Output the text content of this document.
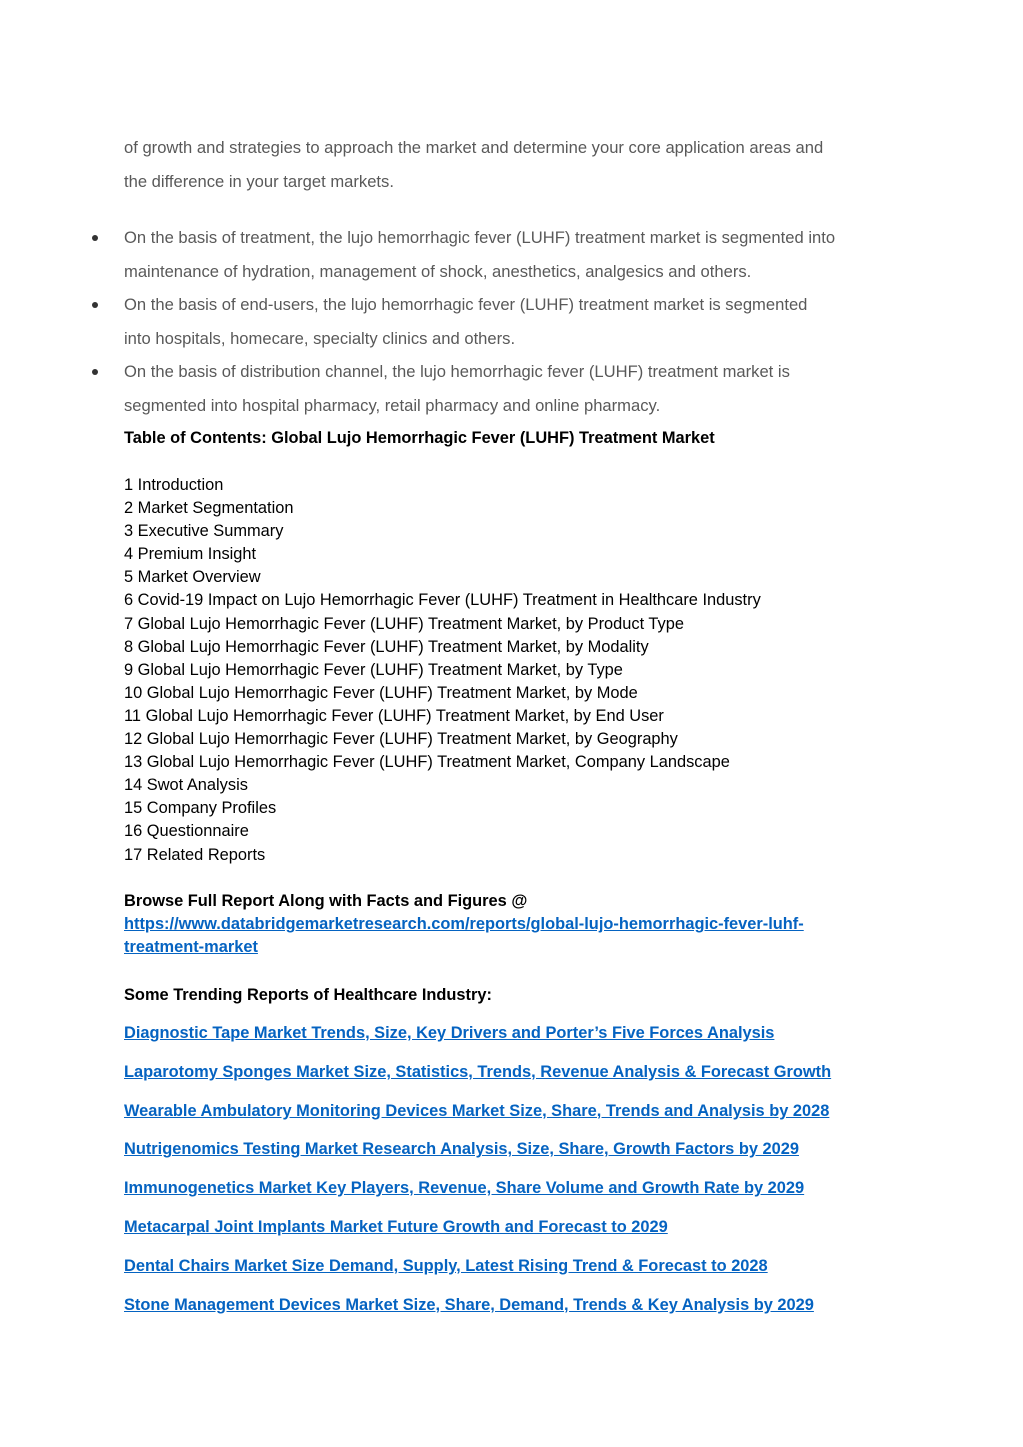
of growth and strategies to approach the market and determine your core application areas and

the difference in your target markets.

On the basis of treatment, the lujo hemorrhagic fever (LUHF) treatment market is segmented into
maintenance of hydration, management of shock, anesthetics, analgesics and others.
On the basis of end-users, the lujo hemorrhagic fever (LUHF) treatment market is segmented
into hospitals, homecare, specialty clinics and others.
On the basis of distribution channel, the lujo hemorrhagic fever (LUHF) treatment market is
segmented into hospital pharmacy, retail pharmacy and online pharmacy.

Table of Contents: Global Lujo Hemorrhagic Fever (LUHF) Treatment Market

1 Introduction
2 Market Segmentation
3 Executive Summary
4 Premium Insight
5 Market Overview
6 Covid-19 Impact on Lujo Hemorrhagic Fever (LUHF) Treatment in Healthcare Industry
7 Global Lujo Hemorrhagic Fever (LUHF) Treatment Market, by Product Type
8 Global Lujo Hemorrhagic Fever (LUHF) Treatment Market, by Modality
9 Global Lujo Hemorrhagic Fever (LUHF) Treatment Market, by Type
10 Global Lujo Hemorrhagic Fever (LUHF) Treatment Market, by Mode
11 Global Lujo Hemorrhagic Fever (LUHF) Treatment Market, by End User
12 Global Lujo Hemorrhagic Fever (LUHF) Treatment Market, by Geography
13 Global Lujo Hemorrhagic Fever (LUHF) Treatment Market, Company Landscape
14 Swot Analysis
15 Company Profiles
16 Questionnaire
17 Related Reports
Browse Full Report Along with Facts and Figures @
https://www.databridgemarketresearch.com/reports/global-lujo-hemorrhagic-fever-luhf-
treatment-market

Some Trending Reports of Healthcare Industry:

Diagnostic Tape Market Trends, Size, Key Drivers and Porter’s Five Forces Analysis
Laparotomy Sponges Market Size, Statistics, Trends, Revenue Analysis & Forecast Growth
Wearable Ambulatory Monitoring Devices Market Size, Share, Trends and Analysis by 2028
Nutrigenomics Testing Market Research Analysis, Size, Share, Growth Factors by 2029
Immunogenetics Market Key Players, Revenue, Share Volume and Growth Rate by 2029
Metacarpal Joint Implants Market Future Growth and Forecast to 2029
Dental Chairs Market Size Demand, Supply, Latest Rising Trend & Forecast to 2028
Stone Management Devices Market Size, Share, Demand, Trends & Key Analysis by 2029
